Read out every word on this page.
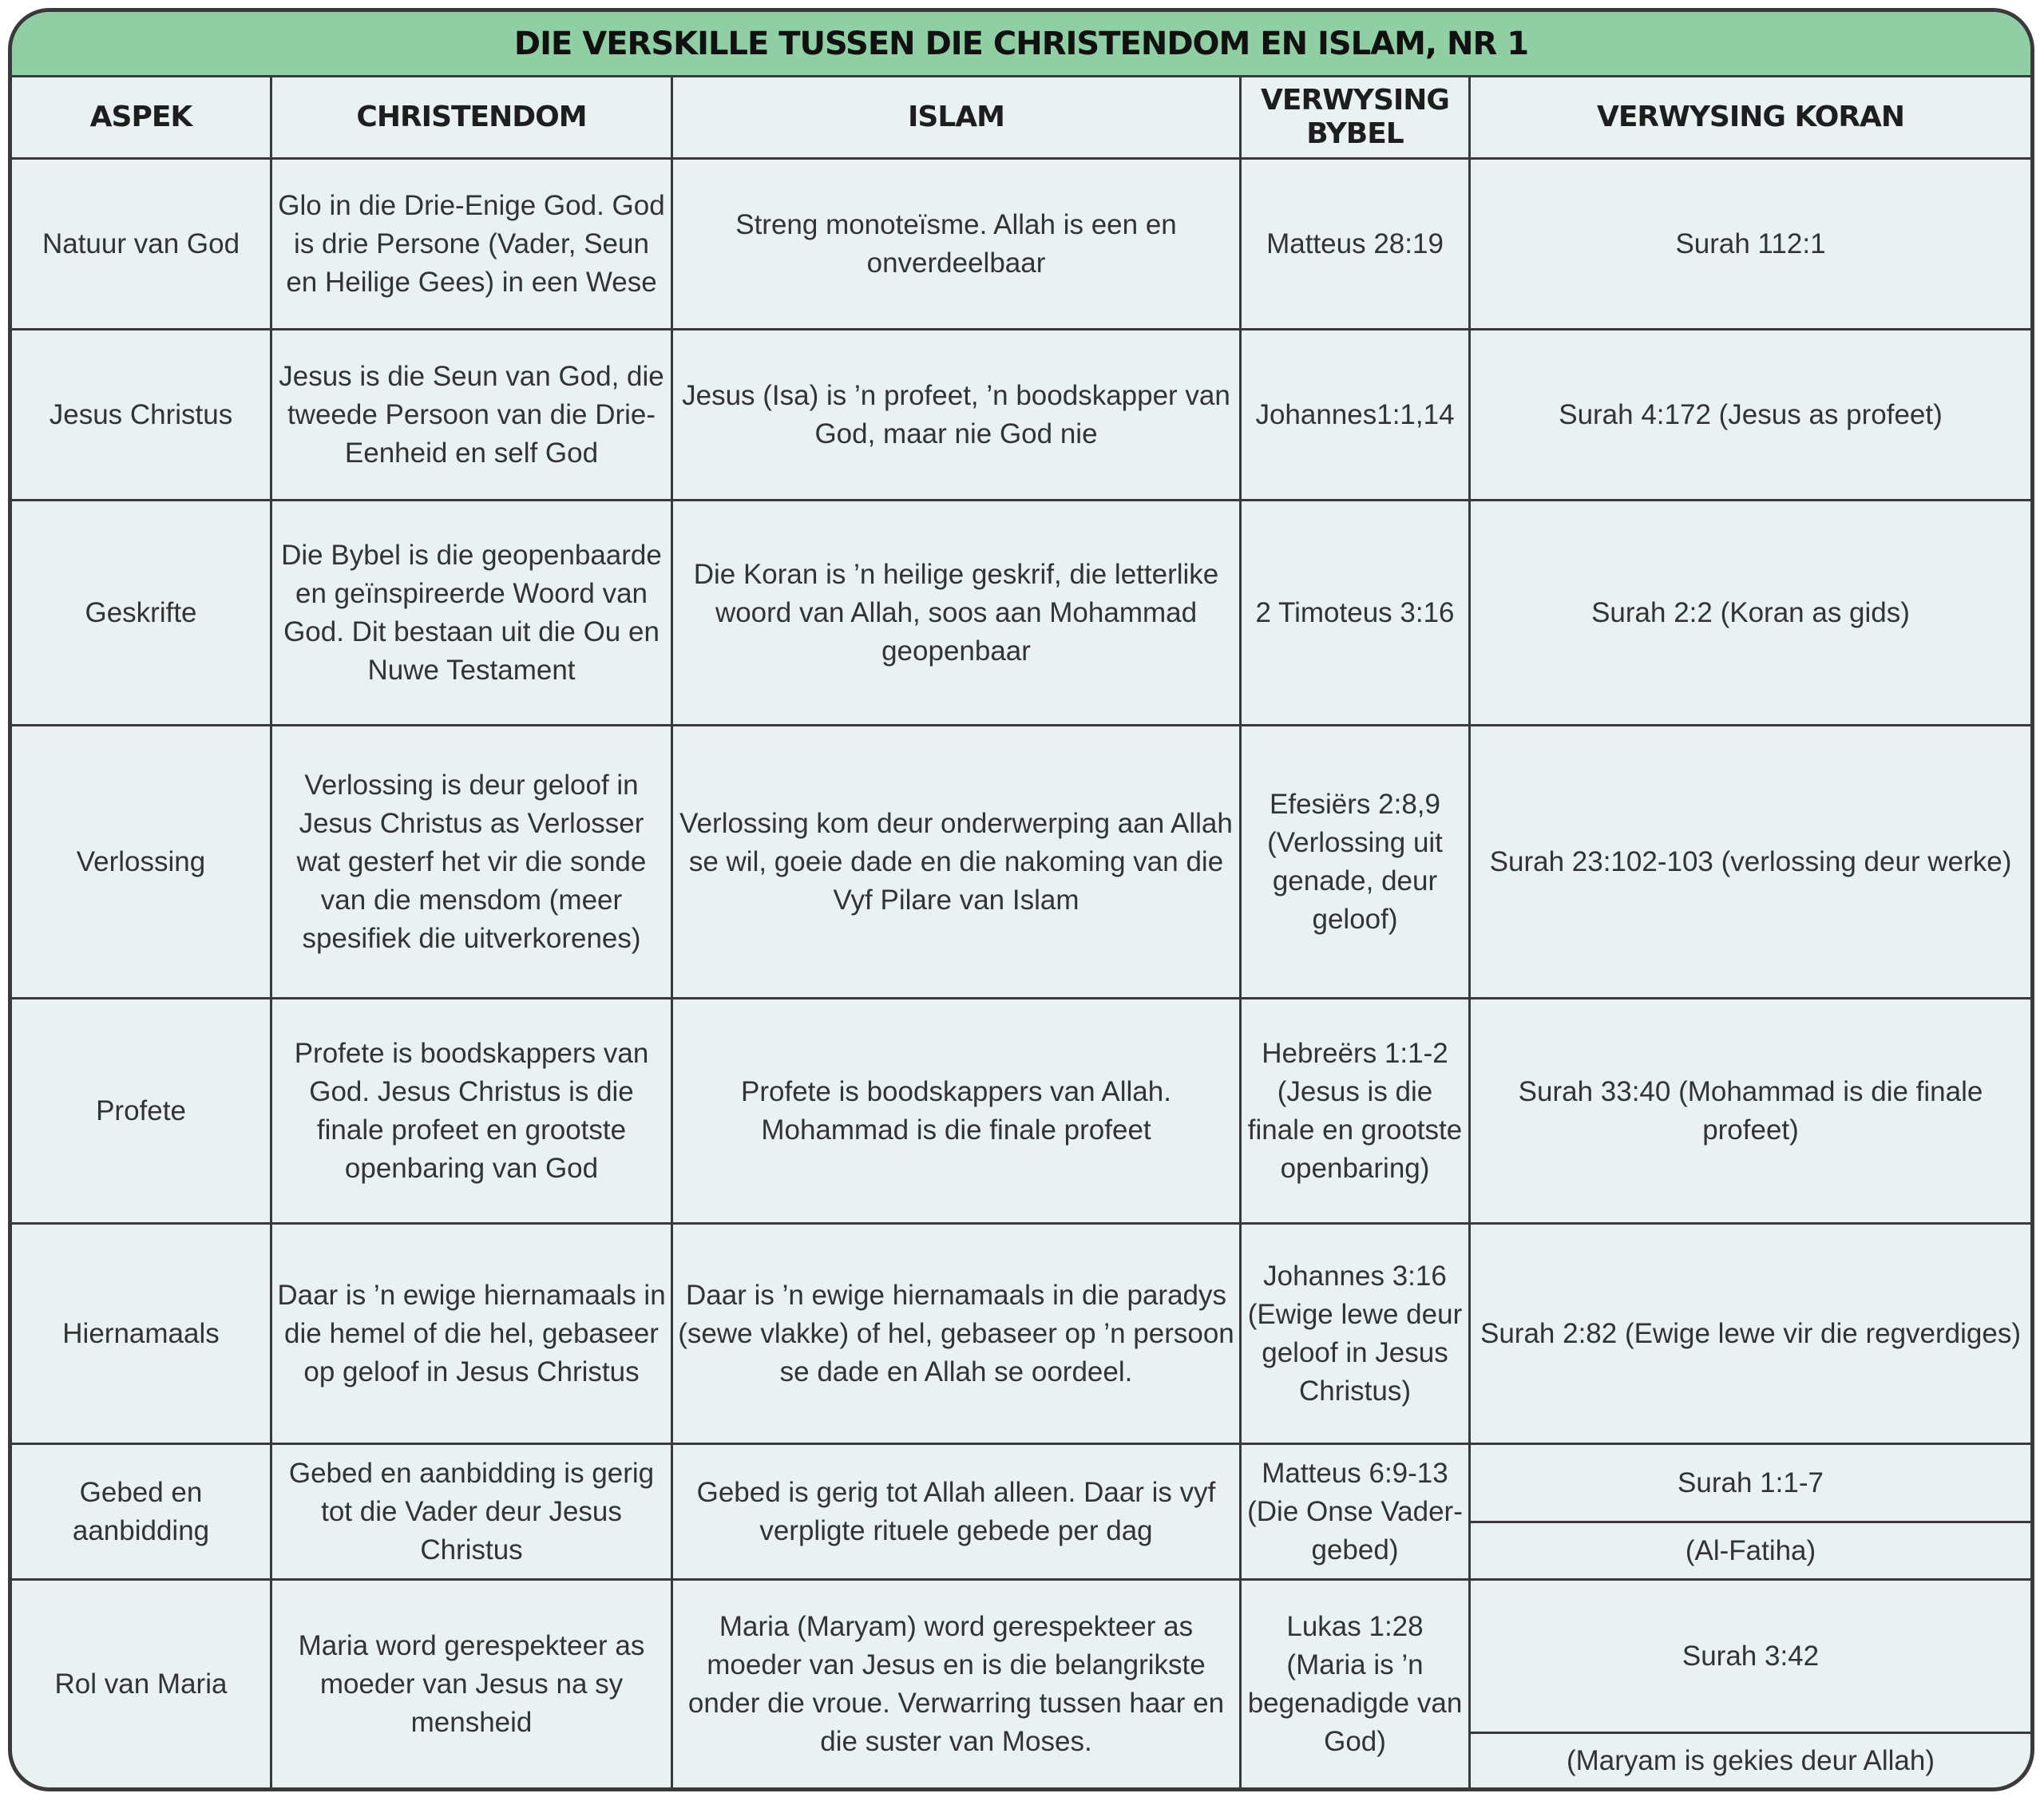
DIE VERSKILLE TUSSEN DIE CHRISTENDOM EN ISLAM, NR 1
ASPEK	CHRISTENDOM	ISLAM	VERWYSING BYBEL	VERWYSING KORAN
Natuur van God	Glo in die Drie-Enige God. God is drie Persone (Vader, Seun en Heilige Gees) in een Wese	Streng monoteïsme. Allah is een en onverdeelbaar	Matteus 28:19	Surah 112:1
Jesus Christus	Jesus is die Seun van God, die tweede Persoon van die Drie-Eenheid en self God	Jesus (Isa) is ’n profeet, ’n boodskapper van God, maar nie God nie	Johannes1:1,14	Surah 4:172 (Jesus as profeet)
Geskrifte	Die Bybel is die geopenbaarde en geïnspireerde Woord van God. Dit bestaan uit die Ou en Nuwe Testament	Die Koran is ’n heilige geskrif, die letterlike woord van Allah, soos aan Mohammad geopenbaar	2 Timoteus 3:16	Surah 2:2 (Koran as gids)
Verlossing	Verlossing is deur geloof in Jesus Christus as Verlosser wat gesterf het vir die sonde van die mensdom (meer spesifiek die uitverkorenes)	Verlossing kom deur onderwerping aan Allah se wil, goeie dade en die nakoming van die Vyf Pilare van Islam	Efesiërs 2:8,9 (Verlossing uit genade, deur geloof)	Surah 23:102-103 (verlossing deur werke)
Profete	Profete is boodskappers van God. Jesus Christus is die finale profeet en grootste openbaring van God	Profete is boodskappers van Allah. Mohammad is die finale profeet	Hebreërs 1:1-2 (Jesus is die finale en grootste openbaring)	Surah 33:40 (Mohammad is die finale profeet)
Hiernamaals	Daar is ’n ewige hiernamaals in die hemel of die hel, gebaseer op geloof in Jesus Christus	Daar is ’n ewige hiernamaals in die paradys (sewe vlakke) of hel, gebaseer op ’n persoon se dade en Allah se oordeel.	Johannes 3:16 (Ewige lewe deur geloof in Jesus Christus)	Surah 2:82 (Ewige lewe vir die regverdiges)
Gebed en aanbidding	Gebed en aanbidding is gerig tot die Vader deur Jesus Christus	Gebed is gerig tot Allah alleen. Daar is vyf verpligte rituele gebede per dag	Matteus 6:9-13 (Die Onse Vader-gebed)	Surah 1:1-7
				(Al-Fatiha)
Rol van Maria	Maria word gerespekteer as moeder van Jesus na sy mensheid	Maria (Maryam) word gerespekteer as moeder van Jesus en is die belangrikste onder die vroue. Verwarring tussen haar en die suster van Moses.	Lukas 1:28 (Maria is ’n begenadigde van God)	Surah 3:42
				(Maryam is gekies deur Allah)
